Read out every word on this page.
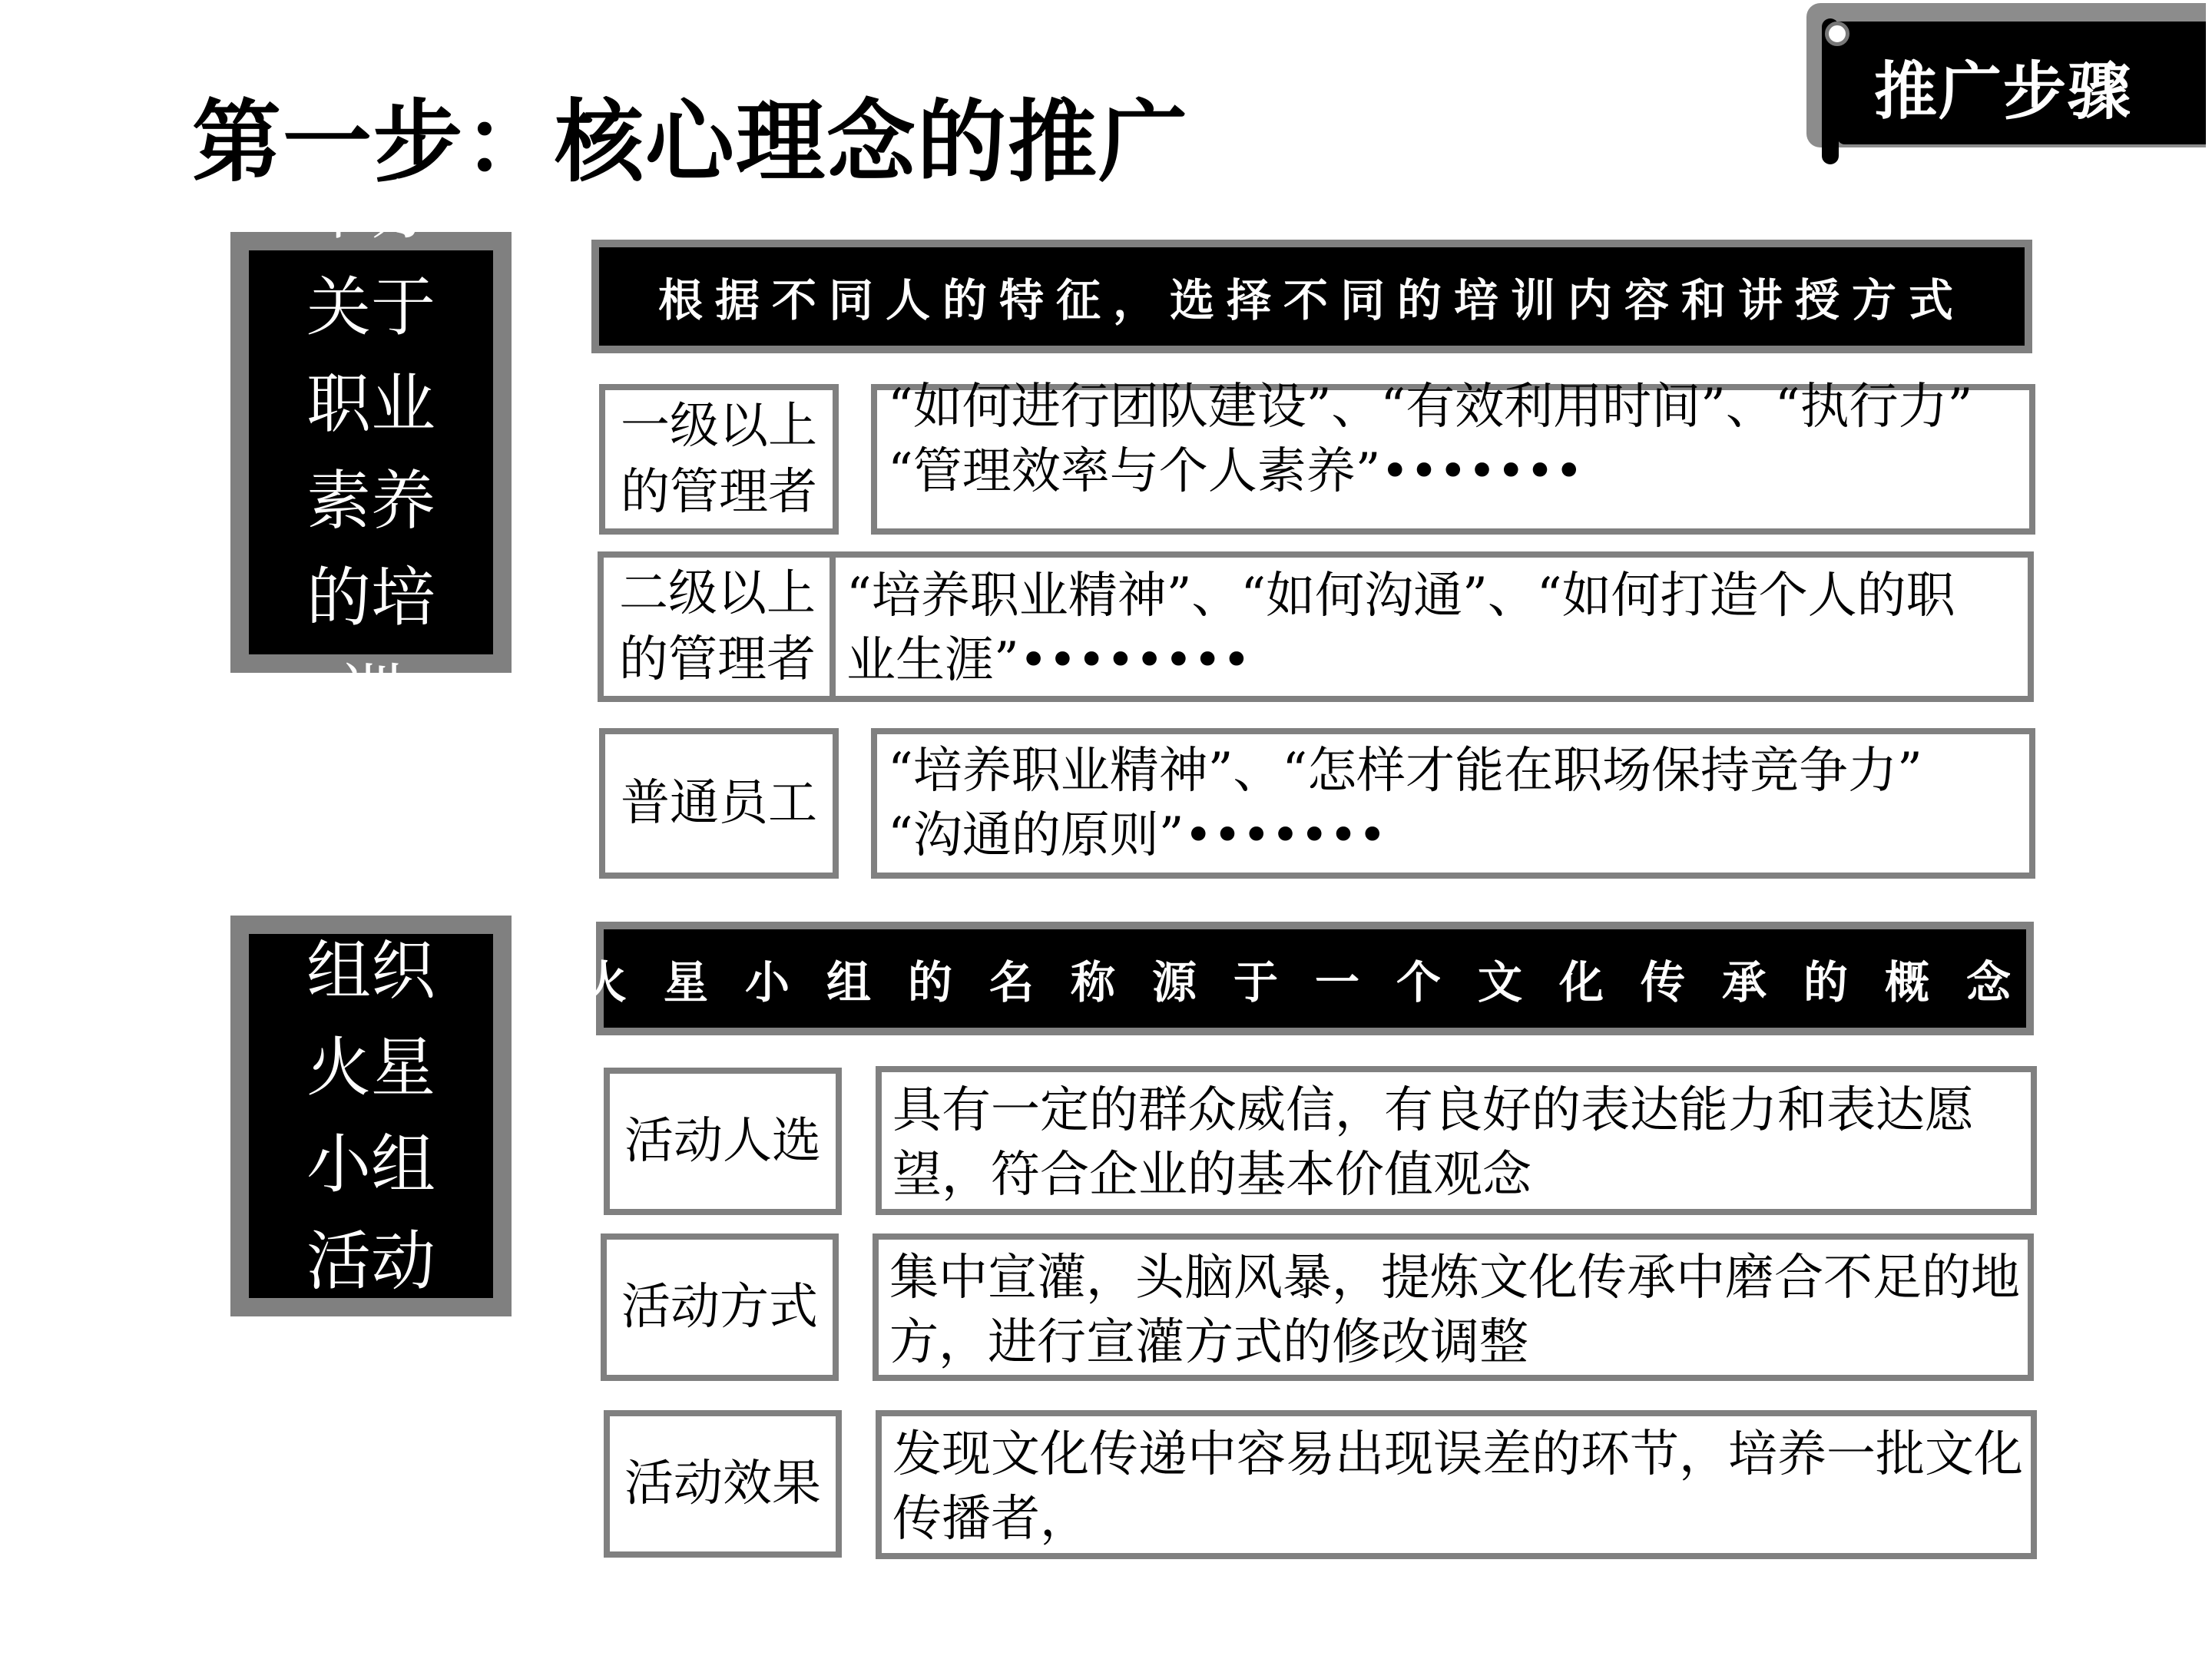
第一步：核心理念的推广	推广步骤
举办关于职业素养的培训
根据不同人的特征，选择不同的培训内容和讲授方式
一级以上的管理者
“如何进行团队建设”、“有效利用时间”、“执行力”
“管理效率与个人素养”•••••••
二级以上的管理者
“培养职业精神”、“如何沟通”、“如何打造个人的职业生涯”••••••••
普通员工
“培养职业精神”、“怎样才能在职场保持竞争力”
“沟通的原则”•••••••
组织火星小组活动
火星小组的名称源于一个文化传承的概念
活动人选
具有一定的群众威信，有良好的表达能力和表达愿望，符合企业的基本价值观念
活动方式
集中宣灌，头脑风暴，提炼文化传承中磨合不足的地方，进行宣灌方式的修改调整
活动效果
发现文化传递中容易出现误差的环节，培养一批文化传播者，
